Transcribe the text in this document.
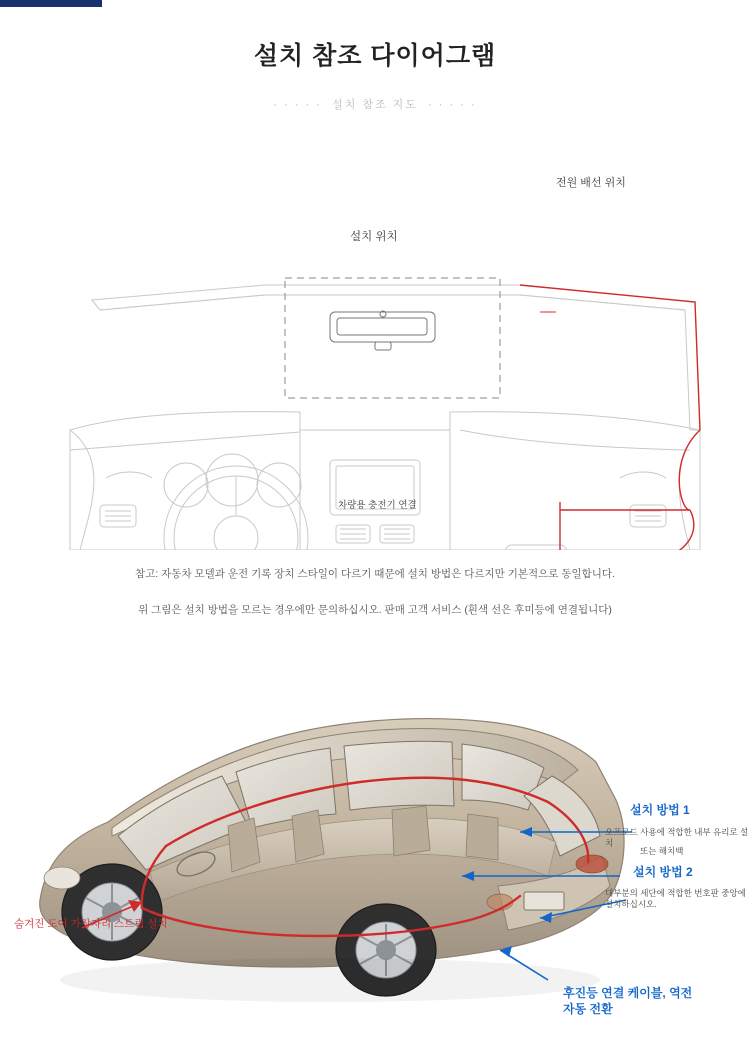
설치 참조 다이어그램
· · · · · 설치 참조 지도 · · · · ·
전원 배선 위치
설치 위치
차량용 충전기 연결
참고: 자동차 모델과 운전 기록 장치 스타일이 다르기 때문에 설치 방법은 다르지만 기본적으로 동일합니다.
위 그림은 설치 방법을 모르는 경우에만 문의하십시오. 판매 고객 서비스 (흰색 선은 후미등에 연결됩니다)
설치 방법 1
오프로드 사용에 적합한 내부 유리로 설치
또는 해치백
설치 방법 2
대부분의 세단에 적합한 번호판 중앙에 설치하십시오.
후진등 연결 케이블, 역전 자동 전환
숨겨진 도어 가장자리 스트립 설치
